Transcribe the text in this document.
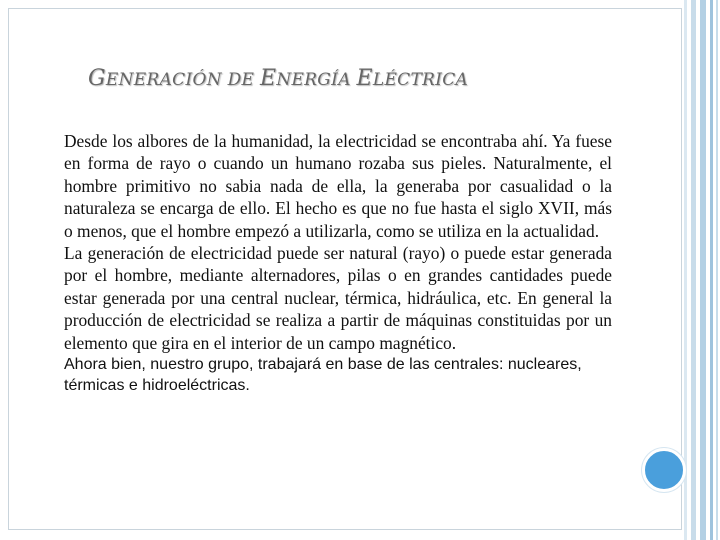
GENERACIÓN DE ENERGÍA ELÉCTRICA

Desde los albores de la humanidad, la electricidad se encontraba ahí. Ya fuese en forma de rayo o cuando un humano rozaba sus pieles. Naturalmente, el hombre primitivo no sabia nada de ella, la generaba por casualidad o la naturaleza se encarga de ello. El hecho es que no fue hasta el siglo XVII, más o menos, que el hombre empezó a utilizarla, como se utiliza en la actualidad.

La generación de electricidad puede ser natural (rayo) o puede estar generada por el hombre, mediante alternadores, pilas o en grandes cantidades puede estar generada por una central nuclear, térmica, hidráulica, etc. En general la producción de electricidad se realiza a partir de máquinas constituidas por un elemento que gira en el interior de un campo magnético.

Ahora bien, nuestro grupo, trabajará en base de las centrales: nucleares, térmicas e hidroeléctricas.
